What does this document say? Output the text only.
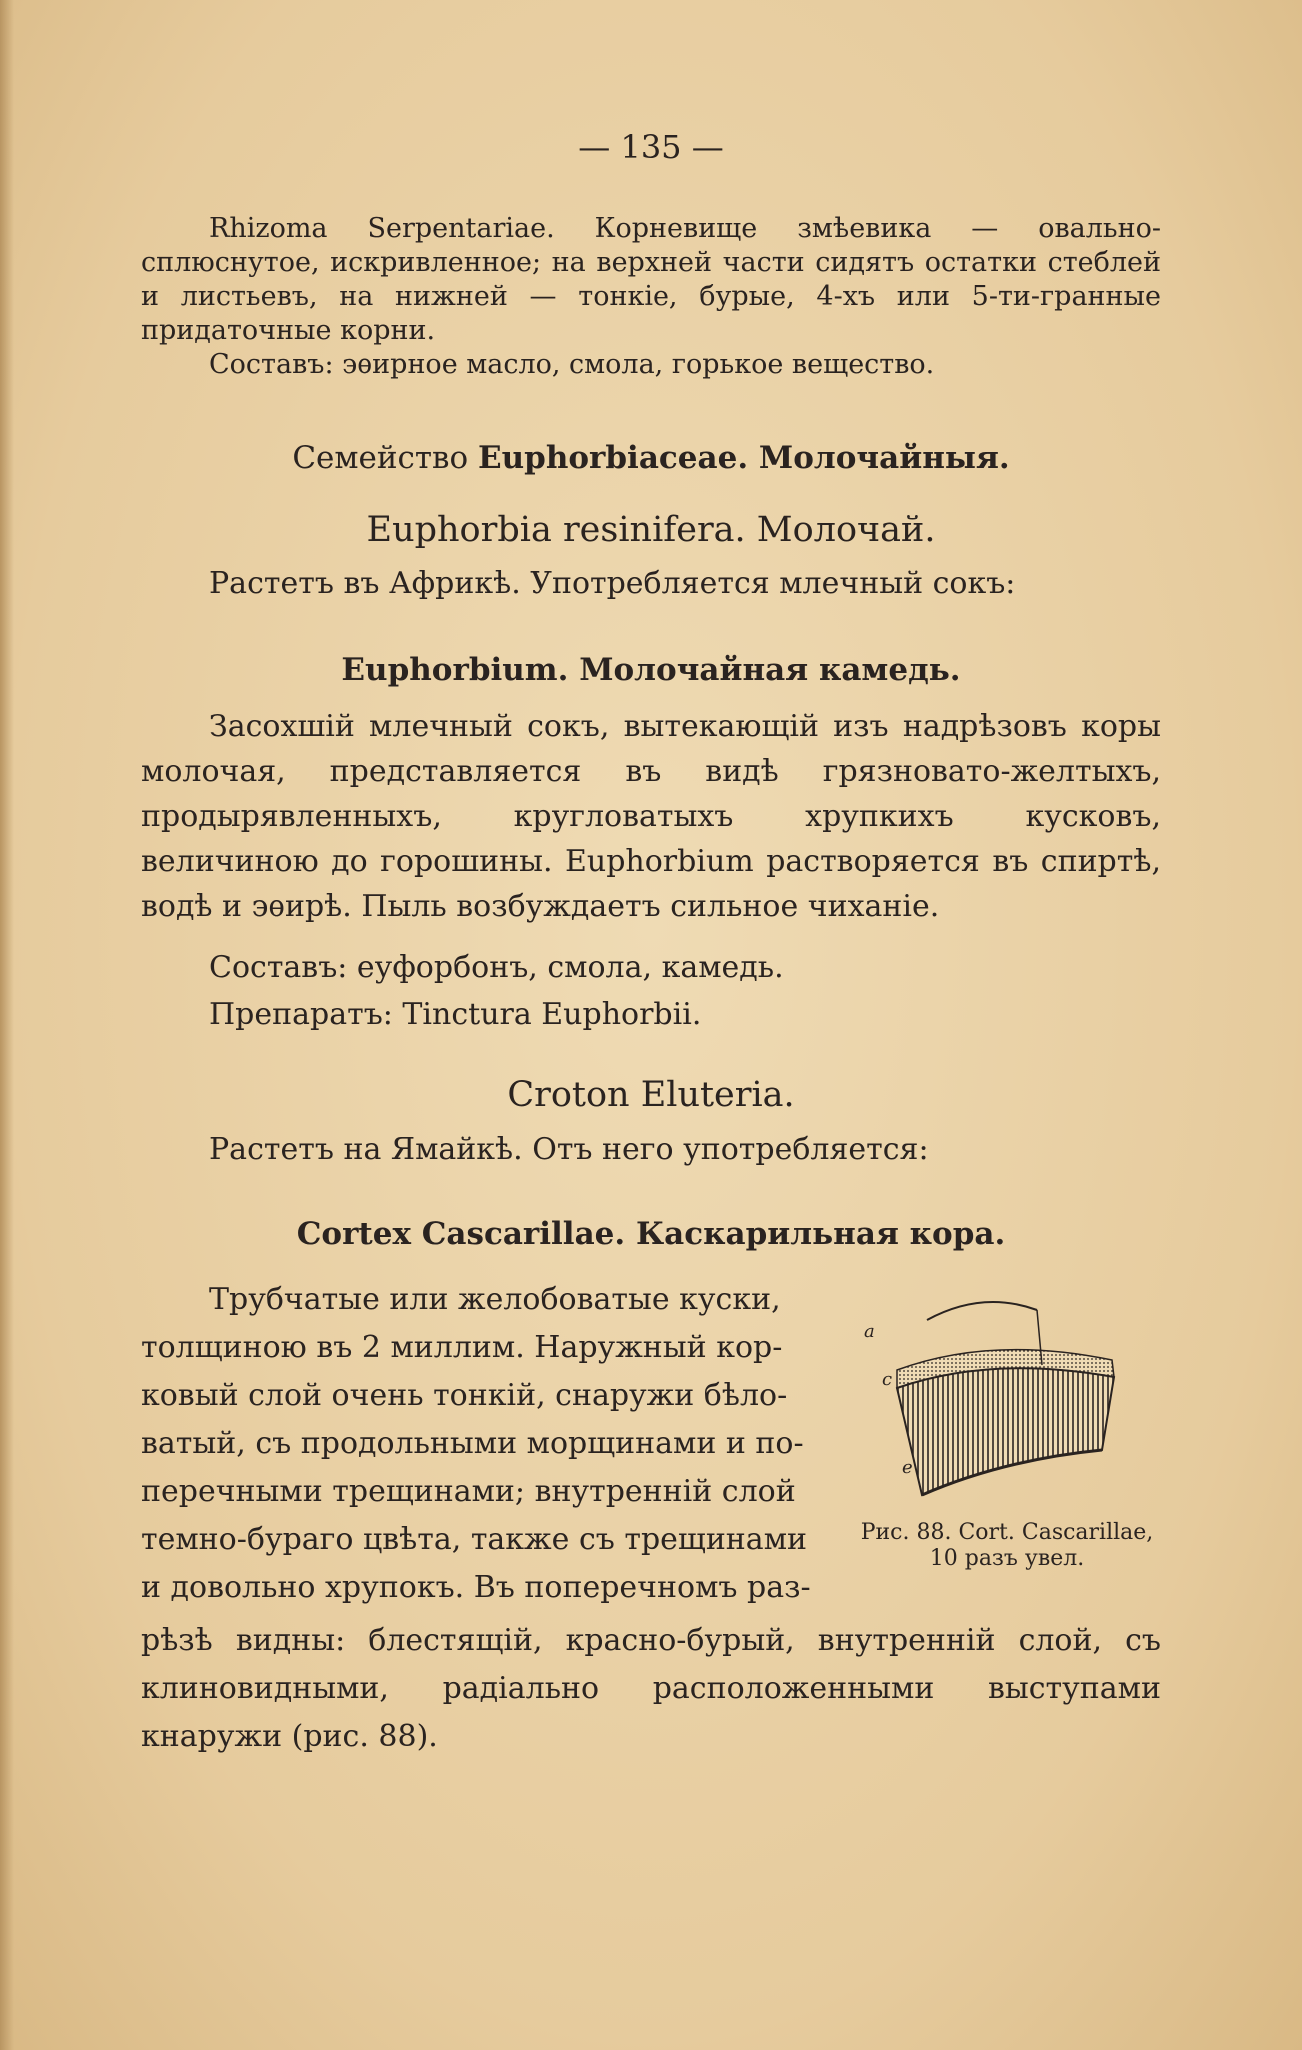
— 135 —
Rhizoma Serpentariae. Корневище змѣевика — овально-сплюснутое, искривленное; на верхней части сидятъ остатки стеблей и листьевъ, на нижней — тонкіе, бурые, 4-хъ или 5-ти-гранные придаточные корни.
Составъ: эѳирное масло, смола, горькое вещество.
Семейство Euphorbiaceae. Молочайныя.
Euphorbia resinifera. Молочай.
Растетъ въ Африкѣ. Употребляется млечный сокъ:
Euphorbium. Молочайная камедь.
Засохшій млечный сокъ, вытекающій изъ надрѣзовъ коры молочая, представляется въ видѣ грязновато-желтыхъ, продырявленныхъ, кругловатыхъ хрупкихъ кусковъ, величиною до горошины. Euphorbium растворяется въ спиртѣ, водѣ и эѳирѣ. Пыль возбуждаетъ сильное чиханіе.
Составъ: еуфорбонъ, смола, камедь.
Препаратъ: Tinctura Euphorbii.
Croton Eluteria.
Растетъ на Ямайкѣ. Отъ него употребляется:
Cortex Cascarillae. Каскарильная кора.
Трубчатые или желобоватые куски,
толщиною въ 2 миллим. Наружный кор-
ковый слой очень тонкій, снаружи бѣло-
ватый, съ продольными морщинами и по-
перечными трещинами; внутренній слой
темно-бураго цвѣта, также съ трещинами
и довольно хрупокъ. Въ поперечномъ раз-
рѣзѣ видны: блестящій, красно-бурый, внутренній слой, съ клиновидными, радіально расположенными выступами кнаружи (рис. 88).
a
c
e
Рис. 88. Cort. Cascarillae,
10 разъ увел.
